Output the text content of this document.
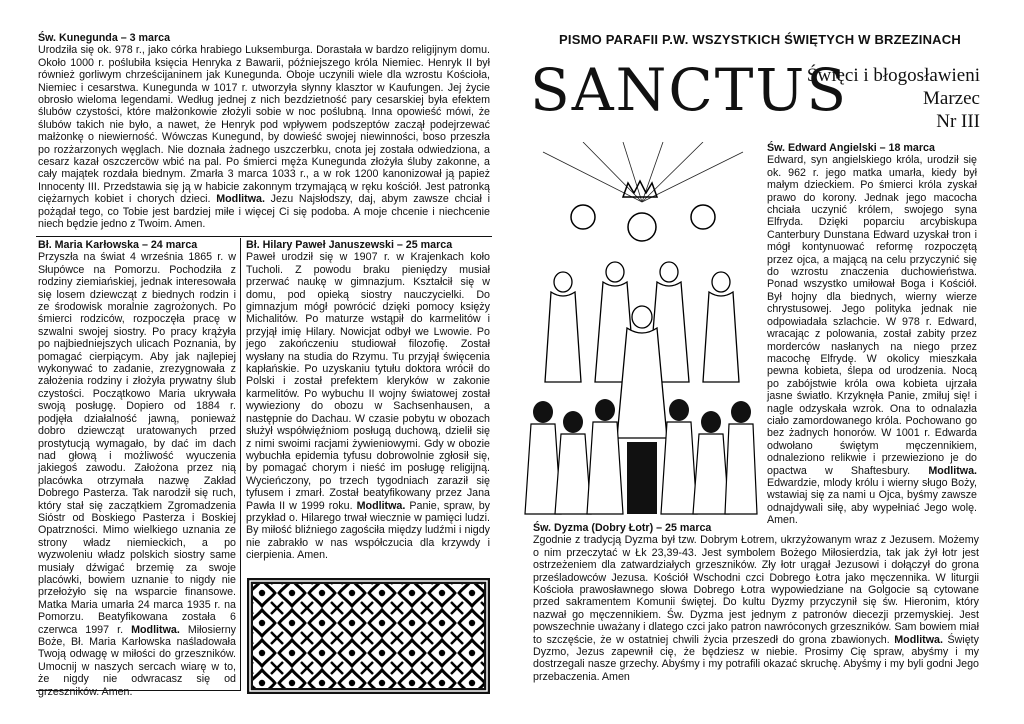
Św. Kunegunda – 3 marca

Urodziła się ok. 978 r., jako córka hrabiego Luksemburga. Dorastała w bardzo religijnym domu. Około 1000 r. poślubiła księcia Henryka z Bawarii, późniejszego króla Niemiec. Henryk II był również gorliwym chrześcijaninem jak Kunegunda. Oboje uczynili wiele dla wzrostu Kościoła, Niemiec i cesarstwa. Kunegunda w 1017 r. utworzyła słynny klasztor w Kaufungen. Jej życie obrosło wieloma legendami. Według jednej z nich bezdzietność pary cesarskiej była efektem ślubów czystości, które małżonkowie złożyli sobie w noc poślubną. Inna opowieść mówi, że ślubów takich nie było, a nawet, że Henryk pod wpływem podszeptów zaczął podejrzewać małżonkę o niewierność. Wówczas Kunegund, by dowieść swojej niewinności, boso przeszła po rozżarzonych węglach. Nie doznała żadnego uszczerbku, cnota jej została odwiedziona, a cesarz kazał oszczercöw wbić na pal. Po śmierci męża Kunegunda złożyła śluby zakonne, a cały majątek rozdała biednym. Zmarła 3 marca 1033 r., a w rok 1200 kanonizował ją papież Innocenty III. Przedstawia się ją w habicie zakonnym trzymającą w ręku kościół. Jest patronką ciężarnych kobiet i chorych dzieci. Modlitwa. Jezu Najsłodszy, daj, abym zawsze chciał i pożądał tego, co Tobie jest bardziej miłe i więcej Ci się podoba. A moje chcenie i niechcenie niech będzie jedno z Twoim. Amen.

Bł. Maria Karłowska – 24 marca

Przyszła na świat 4 września 1865 r. w Słupówce na Pomorzu. Pochodziła z rodziny ziemiańskiej, jednak interesowała się losem dziewcząt z biednych rodzin i ze środowisk moralnie zagrożonych. Po śmierci rodziców, rozpoczęła pracę w szwalni swojej siostry. Po pracy krążyła po najbiedniejszych ulicach Poznania, by pomagać cierpiącym. Aby jak najlepiej wykonywać to zadanie, zrezygnowała z założenia rodziny i złożyła prywatny ślub czystości. Początkowo Maria ukrywała swoją posługę. Dopiero od 1884 r. podjęła działalność jawną, ponieważ dobro dziewcząt uratowanych przed prostytucją wymagało, by dać im dach nad głową i możliwość wyuczenia jakiegoś zawodu. Założona przez nią placówka otrzymała nazwę Zakład Dobrego Pasterza. Tak narodził się ruch, który stał się zaczątkiem Zgromadzenia Sióstr od Boskiego Pasterza i Boskiej Opatrzności. Mimo wielkiego uznania ze strony władz niemieckich, a po wyzwoleniu władz polskich siostry same musiały dźwigać brzemię za swoje placówki, bowiem uznanie to nigdy nie przełożyło się na wsparcie finansowe. Matka Maria umarła 24 marca 1935 r. na Pomorzu. Beatyfikowana została 6 czerwca 1997 r. Modlitwa. Miłosierny Boże, Bł. Maria Karłowska naśladowała Twoją odwagę w miłości do grzeszników. Umocnij w naszych sercach wiarę w to, że nigdy nie odwracasz się od grzeszników. Amen.

Bł. Hilary Paweł Januszewski – 25 marca

Paweł urodził się w 1907 r. w Krajenkach koło Tucholi. Z powodu braku pieniędzy musiał przerwać naukę w gimnazjum. Kształcił się w domu, pod opieką siostry nauczycielki. Do gimnazjum mógł powrócić dzięki pomocy księży Michalitów. Po maturze wstąpił do karmelitów i przyjął imię Hilary. Nowicjat odbył we Lwowie. Po jego zakończeniu studiował filozofię. Został wysłany na studia do Rzymu. Tu przyjął święcenia kapłańskie. Po uzyskaniu tytułu doktora wrócił do Polski i został prefektem kleryków w zakonie karmelitów. Po wybuchu II wojny światowej został wywieziony do obozu w Sachsenhausen, a następnie do Dachau. W czasie pobytu w obozach służył współwięźniom posługą duchową, dzielił się z nimi swoimi racjami żywieniowymi. Gdy w obozie wybuchła epidemia tyfusu dobrowolnie zgłosił się, by pomagać chorym i nieść im posługę religijną. Wycieńczony, po trzech tygodniach zaraził się tyfusem i zmarł. Został beatyfikowany przez Jana Pawła II w 1999 roku. Modlitwa. Panie, spraw, by przykład o. Hilarego trwał wiecznie w pamięci ludzi. By miłość bliźniego zagościła między ludźmi i nigdy nie zabrakło w nas współczucia dla krzywdy i cierpienia. Amen.

PISMO PARAFII P.W. WSZYSTKICH ŚWIĘTYCH W BRZEZINACH
SANCTUS
Święci i błogosławieni
Marzec
Nr III
Św. Edward Angielski – 18 marca

Edward, syn angielskiego króla, urodził się ok. 962 r. jego matka umarła, kiedy był małym dzieckiem. Po śmierci króla zyskał prawo do korony. Jednak jego macocha chciała uczynić królem, swojego syna Elfryda. Dzięki poparciu arcybiskupa Canterbury Dunstana Edward uzyskał tron i mógł kontynuować reformę rozpoczętą przez ojca, a mającą na celu przyczynić się do wzrostu znaczenia duchowieństwa. Ponad wszystko umiłował Boga i Kościół. Był hojny dla biednych, wierny wierze chrystusowej. Jego polityka jednak nie odpowiadała szlachcie. W 978 r. Edward, wracając z polowania, został zabity przez morderców nasłanych na niego przez macochę Elfrydę. W okolicy mieszkała pewna kobieta, ślepa od urodzenia. Nocą po zabójstwie króla owa kobieta ujrzała jasne światło. Krzyknęła Panie, zmiłuj się! i nagle odzyskała wzrok. Ona to odnalazła ciało zamordowanego króla. Pochowano go bez żadnych honorów. W 1001 r. Edwarda odwołano świętym męczennikiem, odnaleziono relikwie i przewieziono je do opactwa w Shaftesbury. Modlitwa. Edwardzie, mlody królu i wierny sługo Boży, wstawiaj się za nami u Ojca, byśmy zawsze odnajdywali siłę, aby wypełniać Jego wolę. Amen.

Św. Dyzma (Dobry Łotr) – 25 marca

Zgodnie z tradycją Dyzma był tzw. Dobrym Łotrem, ukrzyżowanym wraz z Jezusem. Możemy o nim przeczytać w Łk 23,39-43. Jest symbolem Bożego Miłosierdzia, tak jak żył łotr jest ostrzeżeniem dla zatwardziałych grzeszników. Zły łotr urągał Jezusowi i dołączył do grona prześladowców Jezusa. Kościół Wschodni czci Dobrego Łotra jako męczennika. W liturgii Kościoła prawosławnego słowa Dobrego Łotra wypowiedziane na Golgocie są cytowane przed sakramentem Komunii świętej. Do kultu Dyzmy przyczynił się św. Hieronim, który nazwał go męczennikiem. Św. Dyzma jest jednym z patronów diecezji przemyskiej. Jest powszechnie uważany i dlatego czci jako patron nawróconych grzeszników. Sam bowiem miał to szczęście, że w ostatniej chwili życia przeszedł do grona zbawionych. Modlitwa. Święty Dyzmo, Jezus zapewnił cię, że będziesz w niebie. Prosimy Cię spraw, abyśmy i my dostrzegali nasze grzechy. Abyśmy i my potrafili okazać skruchę. Abyśmy i my byli godni Jego przebaczenia. Amen
